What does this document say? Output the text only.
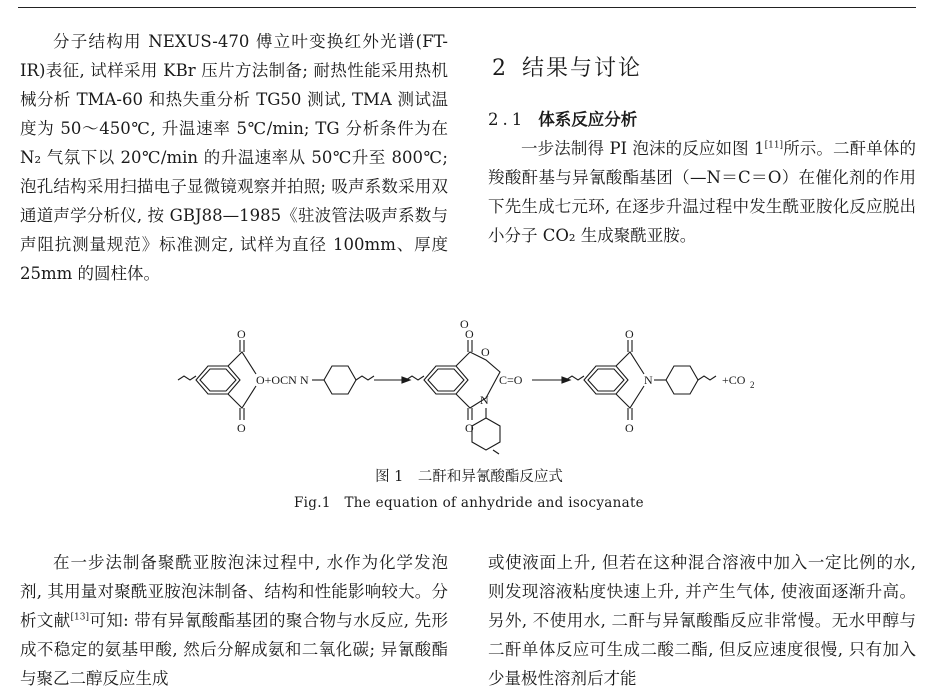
分子结构用 NEXUS-470 傅立叶变换红外光谱(FT-IR)表征, 试样采用 KBr 压片方法制备; 耐热性能采用热机械分析 TMA-60 和热失重分析 TG50 测试, TMA 测试温度为 50～450℃, 升温速率 5℃/min; TG 分析条件为在 N₂ 气氛下以 20℃/min 的升温速率从 50℃升至 800℃; 泡孔结构采用扫描电子显微镜观察并拍照; 吸声系数采用双通道声学分析仪, 按 GBJ88—1985《驻波管法吸声系数与声阻抗测量规范》标准测定, 试样为直径 100mm、厚度 25mm 的圆柱体。

2 结果与讨论

2.1 体系反应分析

一步法制得 PI 泡沫的反应如图 1[11]所示。二酐单体的羧酸酐基与异氰酸酯基团（—N＝C＝O）在催化剂的作用下先生成七元环, 在逐步升温过程中发生酰亚胺化反应脱出小分子 CO₂ 生成聚酰亚胺。

O
O
O+OCN N
O
O
O
C =O
N
O
O
O
N	+CO 2
O
图 1　二酐和异氰酸酯反应式
Fig.1　The equation of anhydride and isocyanate

在一步法制备聚酰亚胺泡沫过程中, 水作为化学发泡剂, 其用量对聚酰亚胺泡沫制备、结构和性能影响较大。分析文献[13]可知: 带有异氰酸酯基团的聚合物与水反应, 先形成不稳定的氨基甲酸, 然后分解成氨和二氧化碳; 异氰酸酯与聚乙二醇反应生成

或使液面上升, 但若在这种混合溶液中加入一定比例的水, 则发现溶液粘度快速上升, 并产生气体, 使液面逐渐升高。另外, 不使用水, 二酐与异氰酸酯反应非常慢。无水甲醇与二酐单体反应可生成二酸二酯, 但反应速度很慢, 只有加入少量极性溶剂后才能
